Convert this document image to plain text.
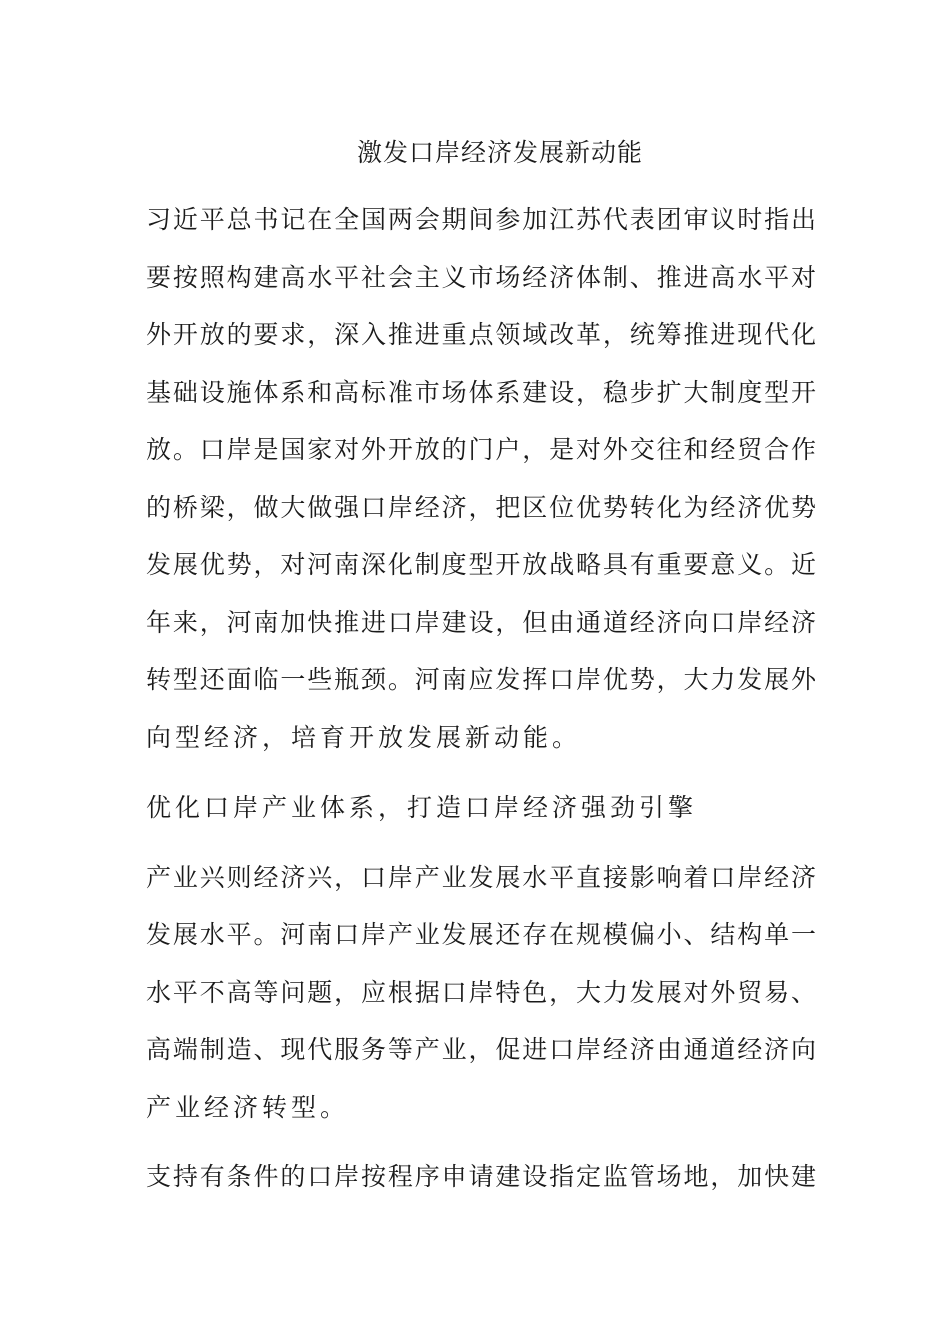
激发口岸经济发展新动能
习近平总书记在全国两会期间参加江苏代表团审议时指出
要按照构建高水平社会主义市场经济体制、推进高水平对
外开放的要求，深入推进重点领域改革，统筹推进现代化
基础设施体系和高标准市场体系建设，稳步扩大制度型开
放。口岸是国家对外开放的门户，是对外交往和经贸合作
的桥梁，做大做强口岸经济，把区位优势转化为经济优势
发展优势，对河南深化制度型开放战略具有重要意义。近
年来，河南加快推进口岸建设，但由通道经济向口岸经济
转型还面临一些瓶颈。河南应发挥口岸优势，大力发展外
向型经济，培育开放发展新动能。
优化口岸产业体系，打造口岸经济强劲引擎
产业兴则经济兴，口岸产业发展水平直接影响着口岸经济
发展水平。河南口岸产业发展还存在规模偏小、结构单一
水平不高等问题，应根据口岸特色，大力发展对外贸易、
高端制造、现代服务等产业，促进口岸经济由通道经济向
产业经济转型。
支持有条件的口岸按程序申请建设指定监管场地，加快建
